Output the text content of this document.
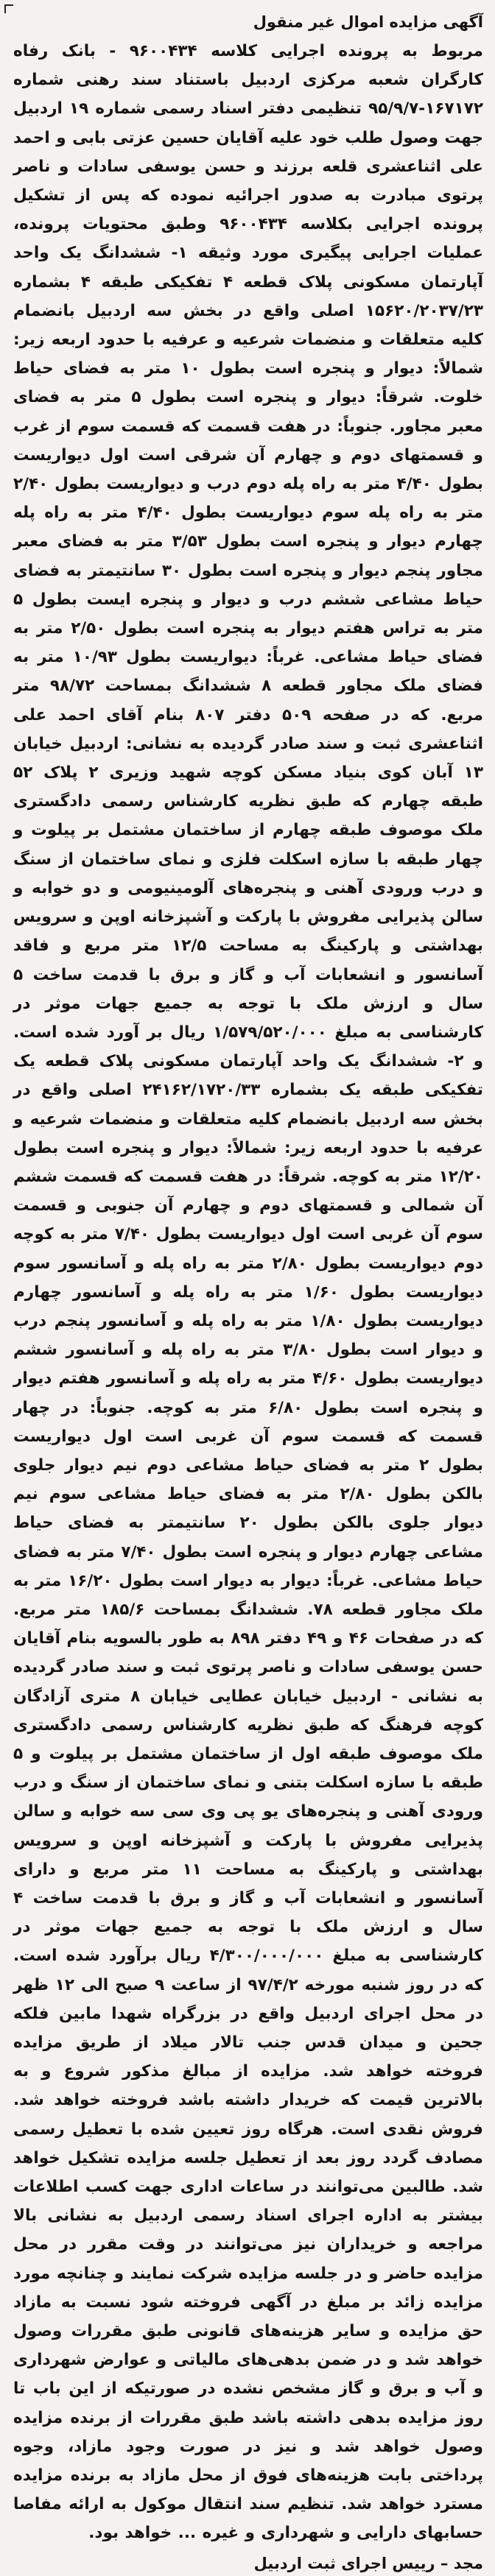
آگهی مزایده اموال غیر منقول

مربوط به پرونده اجرایی کلاسه ۹۶۰۰۴۳۴ - بانک رفاه کارگران شعبه مرکزی اردبیل باستناد سند رهنی شماره ۱۶۷۱۷۲-۹۵/۹/۷ تنظیمی دفتر اسناد رسمی شماره ۱۹ اردبیل جهت وصول طلب خود علیه آقایان حسین عزتی بابی و احمد علی اثناعشری قلعه برزند و حسن یوسفی سادات و ناصر پرتوی مبادرت به صدور اجرائیه نموده که پس از تشکیل پرونده اجرایی بکلاسه ۹۶۰۰۴۳۴ وطبق محتویات پرونده، عملیات اجرایی پیگیری مورد وثیقه ۱- ششدانگ یک واحد آپارتمان مسکونی پلاک قطعه ۴ تفکیکی طبقه ۴ بشماره ۱۵۶۲۰/۲۰۳۷/۲۳ اصلی واقع در بخش سه اردبیل بانضمام کلیه متعلقات و منضمات شرعیه و عرفیه با حدود اربعه زیر: شمالاً: دیوار و پنجره است بطول ۱۰ متر به فضای حیاط خلوت. شرقاً: دیوار و پنجره است بطول ۵ متر به فضای معبر مجاور. جنوباً: در هفت قسمت که قسمت سوم از غرب و قسمتهای دوم و چهارم آن شرقی است اول دیواریست بطول ۴/۴۰ متر به راه پله دوم درب و دیواریست بطول ۲/۴۰ متر به راه پله سوم دیواریست بطول ۴/۴۰ متر به راه پله چهارم دیوار و پنجره است بطول ۳/۵۳ متر به فضای معبر مجاور پنجم دیوار و پنجره است بطول ۳۰ سانتیمتر به فضای حیاط مشاعی ششم درب و دیوار و پنجره ایست بطول ۵ متر به تراس هفتم دیوار به پنجره است بطول ۲/۵۰ متر به فضای حیاط مشاعی. غرباً: دیواریست بطول ۱۰/۹۳ متر به فضای ملک مجاور قطعه ۸ ششدانگ بمساحت ۹۸/۷۲ متر مربع. که در صفحه ۵۰۹ دفتر ۸۰۷ بنام آقای احمد علی اثناعشری ثبت و سند صادر گردیده به نشانی: اردبیل خیابان ۱۳ آبان کوی بنیاد مسکن کوچه شهید وزیری ۲ پلاک ۵۲ طبقه چهارم که طبق نظریه کارشناس رسمی دادگستری ملک موصوف طبقه چهارم از ساختمان مشتمل بر پیلوت و چهار طبقه با سازه اسکلت فلزی و نمای ساختمان از سنگ و درب ورودی آهنی و پنجره‌های آلومینیومی و دو خوابه و سالن پذیرایی مفروش با پارکت و آشپزخانه اوپن و سرویس بهداشتی و پارکینگ به مساحت ۱۲/۵ متر مربع و فاقد آسانسور و انشعابات آب و گاز و برق با قدمت ساخت ۵ سال و ارزش ملک با توجه به جمیع جهات موثر در کارشناسی به مبلغ ۱/۵۷۹/۵۲۰/۰۰۰ ریال بر آورد شده است. و ۲- ششدانگ یک واحد آپارتمان مسکونی پلاک قطعه یک تفکیکی طبقه یک بشماره ۲۴۱۶۲/۱۷۲۰/۳۳ اصلی واقع در بخش سه اردبیل بانضمام کلیه متعلقات و منضمات شرعیه و عرفیه با حدود اربعه زیر: شمالاً: دیوار و پنجره است بطول ۱۲/۲۰ متر به کوچه. شرقاً: در هفت قسمت که قسمت ششم آن شمالی و قسمتهای دوم و چهارم آن جنوبی و قسمت سوم آن غربی است اول دیواریست بطول ۷/۴۰ متر به کوچه دوم دیواریست بطول ۲/۸۰ متر به راه پله و آسانسور سوم دیواریست بطول ۱/۶۰ متر به راه پله و آسانسور چهارم دیواریست بطول ۱/۸۰ متر به راه پله و آسانسور پنجم درب و دیوار است بطول ۳/۸۰ متر به راه پله و آسانسور ششم دیواریست بطول ۴/۶۰ متر به راه پله و آسانسور هفتم دیوار و پنجره است بطول ۶/۸۰ متر به کوچه. جنوباً: در چهار قسمت که قسمت سوم آن غربی است اول دیواریست بطول ۲ متر به فضای حیاط مشاعی دوم نیم دیوار جلوی بالکن بطول ۲/۸۰ متر به فضای حیاط مشاعی سوم نیم دیوار جلوی بالکن بطول ۲۰ سانتیمتر به فضای حیاط مشاعی چهارم دیوار و پنجره است بطول ۷/۴۰ متر به فضای حیاط مشاعی. غرباً: دیوار به دیوار است بطول ۱۶/۲۰ متر به ملک مجاور قطعه ۷۸. ششدانگ بمساحت ۱۸۵/۶ متر مربع. که در صفحات ۴۶ و ۴۹ دفتر ۸۹۸ به طور بالسویه بنام آقایان حسن یوسفی سادات و ناصر پرتوی ثبت و سند صادر گردیده به نشانی - اردبیل خیابان عطایی خیابان ۸ متری آزادگان کوچه فرهنگ که طبق نظریه کارشناس رسمی دادگستری ملک موصوف طبقه اول از ساختمان مشتمل بر پیلوت و ۵ طبقه با سازه اسکلت بتنی و نمای ساختمان از سنگ و درب ورودی آهنی و پنجره‌های یو پی وی سی سه خوابه و سالن پذیرایی مفروش با پارکت و آشپزخانه اوپن و سرویس بهداشتی و پارکینگ به مساحت ۱۱ متر مربع و دارای آسانسور و انشعابات آب و گاز و برق با قدمت ساخت ۴ سال و ارزش ملک با توجه به جمیع جهات موثر در کارشناسی به مبلغ ۴/۳۰۰/۰۰۰/۰۰۰ ریال برآورد شده است. که در روز شنبه مورخه ۹۷/۴/۲ از ساعت ۹ صبح الی ۱۲ ظهر در محل اجرای اردبیل واقع در بزرگراه شهدا مابین فلکه جحین و میدان قدس جنب تالار میلاد از طریق مزایده فروخته خواهد شد. مزایده از مبالغ مذکور شروع و به بالاترین قیمت که خریدار داشته باشد فروخته خواهد شد. فروش نقدی است. هرگاه روز تعیین شده با تعطیل رسمی مصادف گردد روز بعد از تعطیل جلسه مزایده تشکیل خواهد شد. طالبین می‌توانند در ساعات اداری جهت کسب اطلاعات بیشتر به اداره اجرای اسناد رسمی اردبیل به نشانی بالا مراجعه و خریداران نیز می‌توانند در وقت مقرر در محل مزایده حاضر و در جلسه مزایده شرکت نمایند و چنانچه مورد مزایده زائد بر مبلغ در آگهی فروخته شود نسبت به مازاد حق مزایده و سایر هزینه‌های قانونی طبق مقررات وصول خواهد شد و در ضمن بدهی‌های مالیاتی و عوارض شهرداری و آب و برق و گاز مشخص نشده در صورتیکه از این باب تا روز مزایده بدهی داشته باشد طبق مقررات از برنده مزایده وصول خواهد شد و نیز در صورت وجود مازاد، وجوه پرداختی بابت هزینه‌های فوق از محل مازاد به برنده مزایده مسترد خواهد شد. تنظیم سند انتقال موکول به ارائه مفاصا حسابهای دارایی و شهرداری و غیره ... خواهد بود.

مجد – رییس اجرای ثبت اردبیل
